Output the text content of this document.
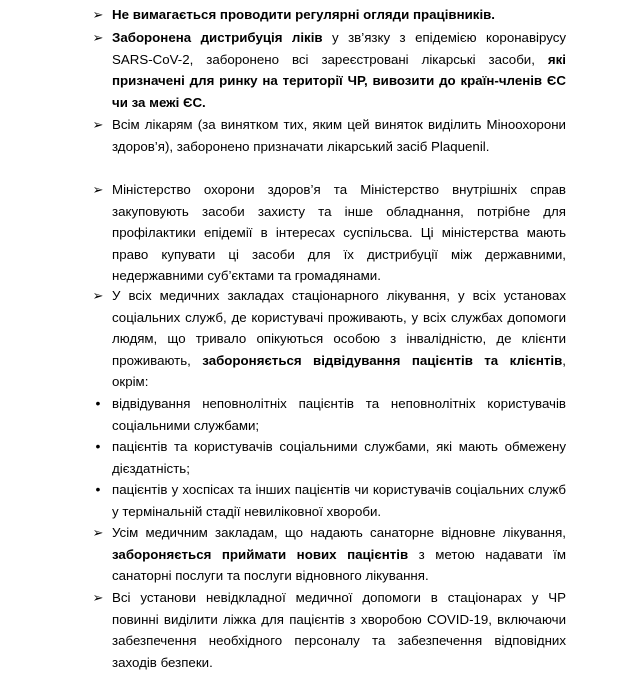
➢ Не вимагається проводити регулярні огляди працівників.
➢ Заборонена дистрибуція ліків у зв’язку з епідемією коронавірусу SARS-CoV-2, заборонено всі зареєстровані лікарські засоби, які призначені для ринку на території ЧР, вивозити до країн-членів ЄС чи за межі ЄС.
➢ Всім лікарям (за винятком тих, яким цей виняток виділить Міноохорони здоров’я), заборонено призначати лікарський засіб Plaquenil.
➢ Міністерство охорони здоров’я та Міністерство внутрішніх справ закуповують засоби захисту та інше обладнання, потрібне для профілактики епідемії в інтересах суспільсва. Ці міністерства мають право купувати ці засоби для їх дистрибуції між державними, недержавними суб’єктами та громадянами.
➢ У всіх медичних закладах стаціонарного лікування, у всіх установах соціальних служб, де користувачі проживають, у всіх службах допомоги людям, що тривало опікуються особою з інвалідністю, де клієнти проживають, забороняється відвідування пацієнтів та клієнтів, окрім:
• відвідування неповнолітніх пацієнтів та неповнолітніх користувачів соціальними службами;
• пацієнтів та користувачів соціальними службами, які мають обмежену дієздатність;
• пацієнтів у хоспісах та інших пацієнтів чи користувачів соціальних служб у термінальній стадії невиліковної хвороби.
➢ Усім медичним закладам, що надають санаторне відновне лікування, забороняється приймати нових пацієнтів з метою надавати їм санаторні послуги та послуги відновного лікування.
➢ Всі установи невідкладної медичної допомоги в стаціонарах у ЧР повинні виділити ліжка для пацієнтів з хворобою COVID-19, включаючи забезпечення необхідного персоналу та забезпечення відповідних заходів безпеки.
